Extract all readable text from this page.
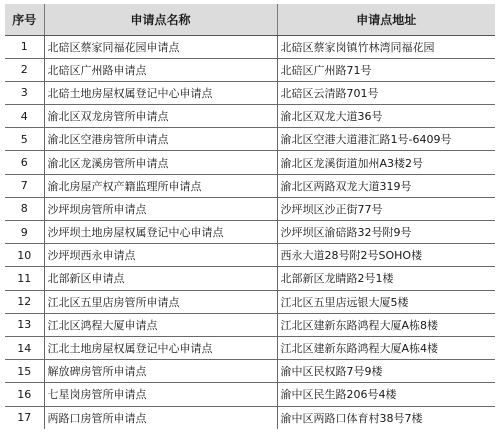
序号	申请点名称	申请点地址
1	北碚区蔡家同福花园申请点	北碚区蔡家岗镇竹林湾同福花园
2	北碚区广州路申请点	北碚区广州路71号
3	北碚土地房屋权属登记中心申请点	北碚区云清路701号
4	渝北区双龙房管所申请点	渝北区双龙大道36号
5	渝北区空港房管所申请点	渝北区空港大道港汇路1号-6409号
6	渝北区龙溪房管所申请点	渝北区龙溪街道加州A3楼2号
7	渝北房屋产权产籍监理所申请点	渝北区两路双龙大道319号
8	沙坪坝房管所申请点	沙坪坝区沙正街77号
9	沙坪坝土地房屋权属登记中心申请点	沙坪坝区渝碚路32号附9号
10	沙坪坝西永申请点	西永大道28号附2号SOHO楼
11	北部新区申请点	北部新区龙睛路2号1楼
12	江北区五里店房管所申请点	江北区五里店远银大厦5楼
13	江北区鸿程大厦申请点	江北区建新东路鸿程大厦A栋8楼
14	江北土地房屋权属登记中心申请点	江北区建新东路鸿程大厦A栋4楼
15	解放碑房管所申请点	渝中区民权路7号9楼
16	七星岗房管所申请点	渝中区民生路206号4楼
17	两路口房管所申请点	渝中区两路口体育村38号7楼
